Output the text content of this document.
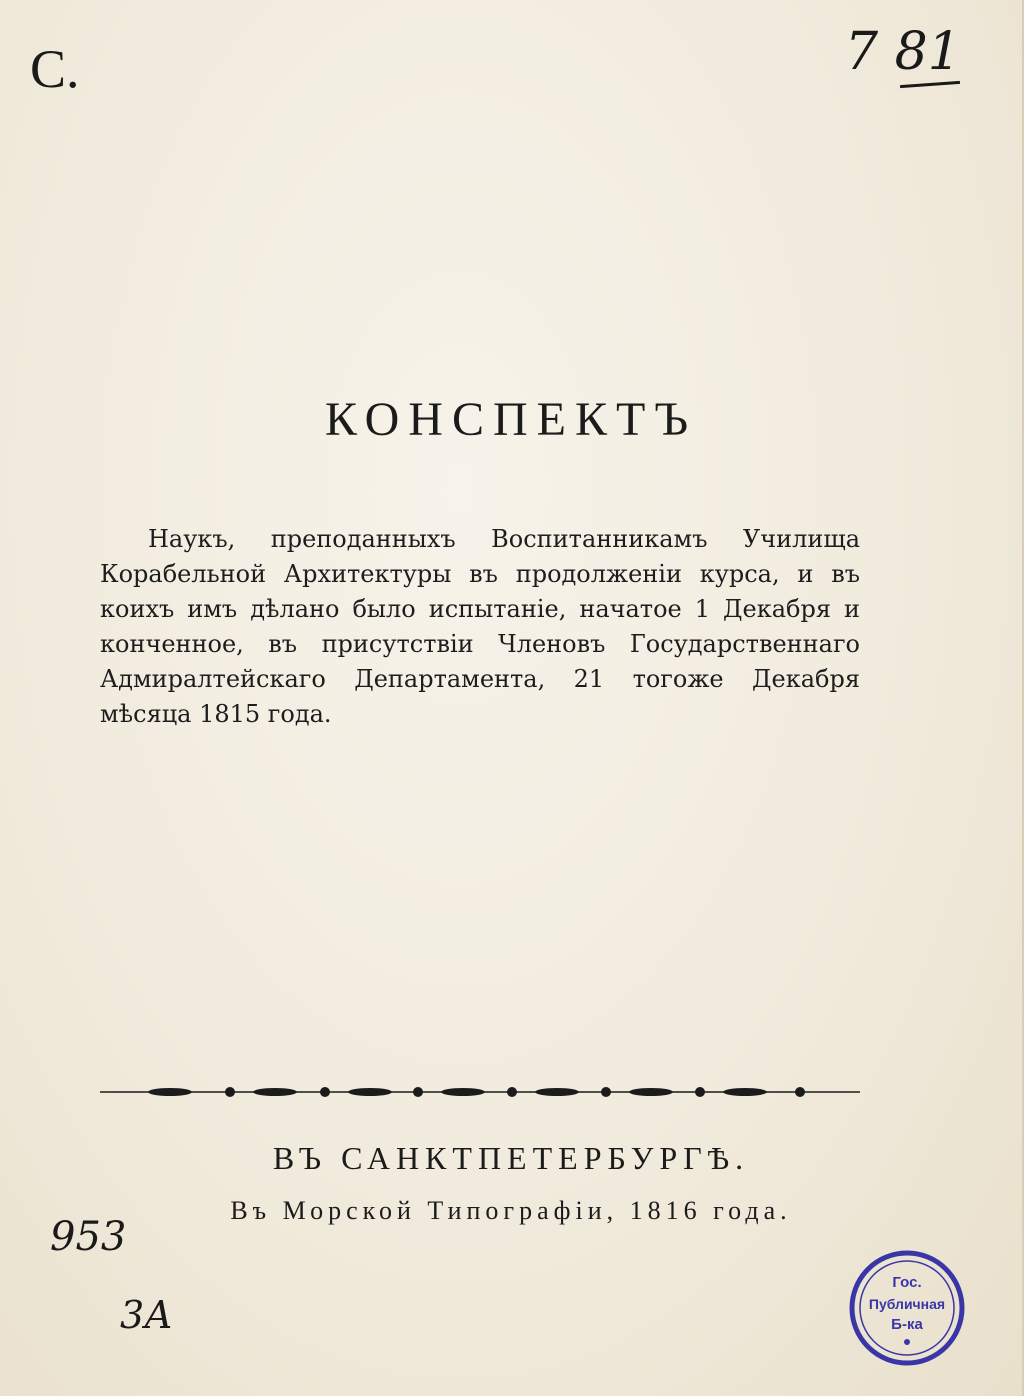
С.	7 81
КОНСПЕКТЪ
Наукъ, преподанныхъ Воспитанникамъ Училища Корабельной Архитектуры въ продолженiи курса, и въ коихъ имъ дѣлано было испытанiе, начатое 1 Декабря и конченное, въ присутствiи Членовъ Государственнаго Адмиралтейскаго Департамента, 21 тогоже Декабря мѣсяца 1815 года.
ВЪ САНКТПЕТЕРБУРГѢ.
Въ Морской Типографiи, 1816 года.
953
3А
Гос.
Публичная
Б-ка
